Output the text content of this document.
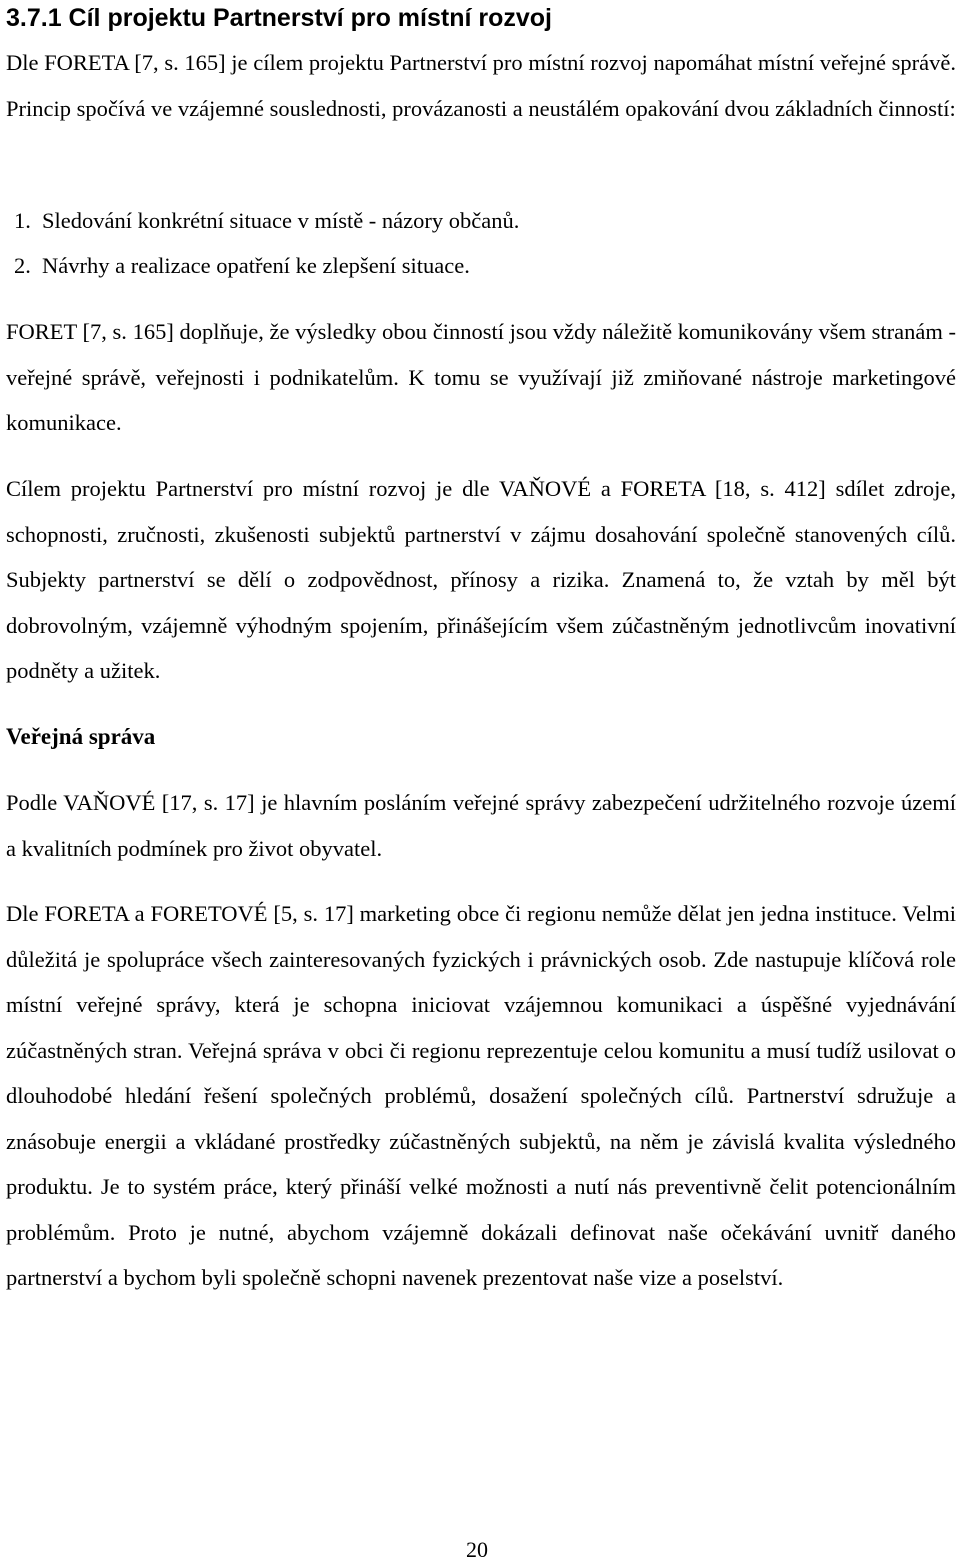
3.7.1 Cíl projektu Partnerství pro místní rozvoj

Dle FORETA [7, s. 165] je cílem projektu Partnerství pro místní rozvoj napomáhat místní veřejné správě. Princip spočívá ve vzájemné souslednosti, provázanosti a neustálém opakování dvou základních činností:

1. Sledování konkrétní situace v místě - názory občanů.
2. Návrhy a realizace opatření ke zlepšení situace.

FORET [7, s. 165] doplňuje, že výsledky obou činností jsou vždy náležitě komunikovány všem stranám - veřejné správě, veřejnosti i podnikatelům. K tomu se využívají již zmiňované nástroje marketingové komunikace.

Cílem projektu Partnerství pro místní rozvoj je dle VAŇOVÉ a FORETA [18, s. 412] sdílet zdroje, schopnosti, zručnosti, zkušenosti subjektů partnerství v zájmu dosahování společně stanovených cílů. Subjekty partnerství se dělí o zodpovědnost, přínosy a rizika. Znamená to, že vztah by měl být dobrovolným, vzájemně výhodným spojením, přinášejícím všem zúčastněným jednotlivcům inovativní podněty a užitek.

Veřejná správa

Podle VAŇOVÉ [17, s. 17] je hlavním posláním veřejné správy zabezpečení udržitelného rozvoje území a kvalitních podmínek pro život obyvatel.

Dle FORETA a FORETOVÉ [5, s. 17] marketing obce či regionu nemůže dělat jen jedna instituce. Velmi důležitá je spolupráce všech zainteresovaných fyzických i právnických osob. Zde nastupuje klíčová role místní veřejné správy, která je schopna iniciovat vzájemnou komunikaci a úspěšné vyjednávání zúčastněných stran. Veřejná správa v obci či regionu reprezentuje celou komunitu a musí tudíž usilovat o dlouhodobé hledání řešení společných problémů, dosažení společných cílů. Partnerství sdružuje a znásobuje energii a vkládané prostředky zúčastněných subjektů, na něm je závislá kvalita výsledného produktu. Je to systém práce, který přináší velké možnosti a nutí nás preventivně čelit potencionálním problémům. Proto je nutné, abychom vzájemně dokázali definovat naše očekávání uvnitř daného partnerství a bychom byli společně schopni navenek prezentovat naše vize a poselství.

20
